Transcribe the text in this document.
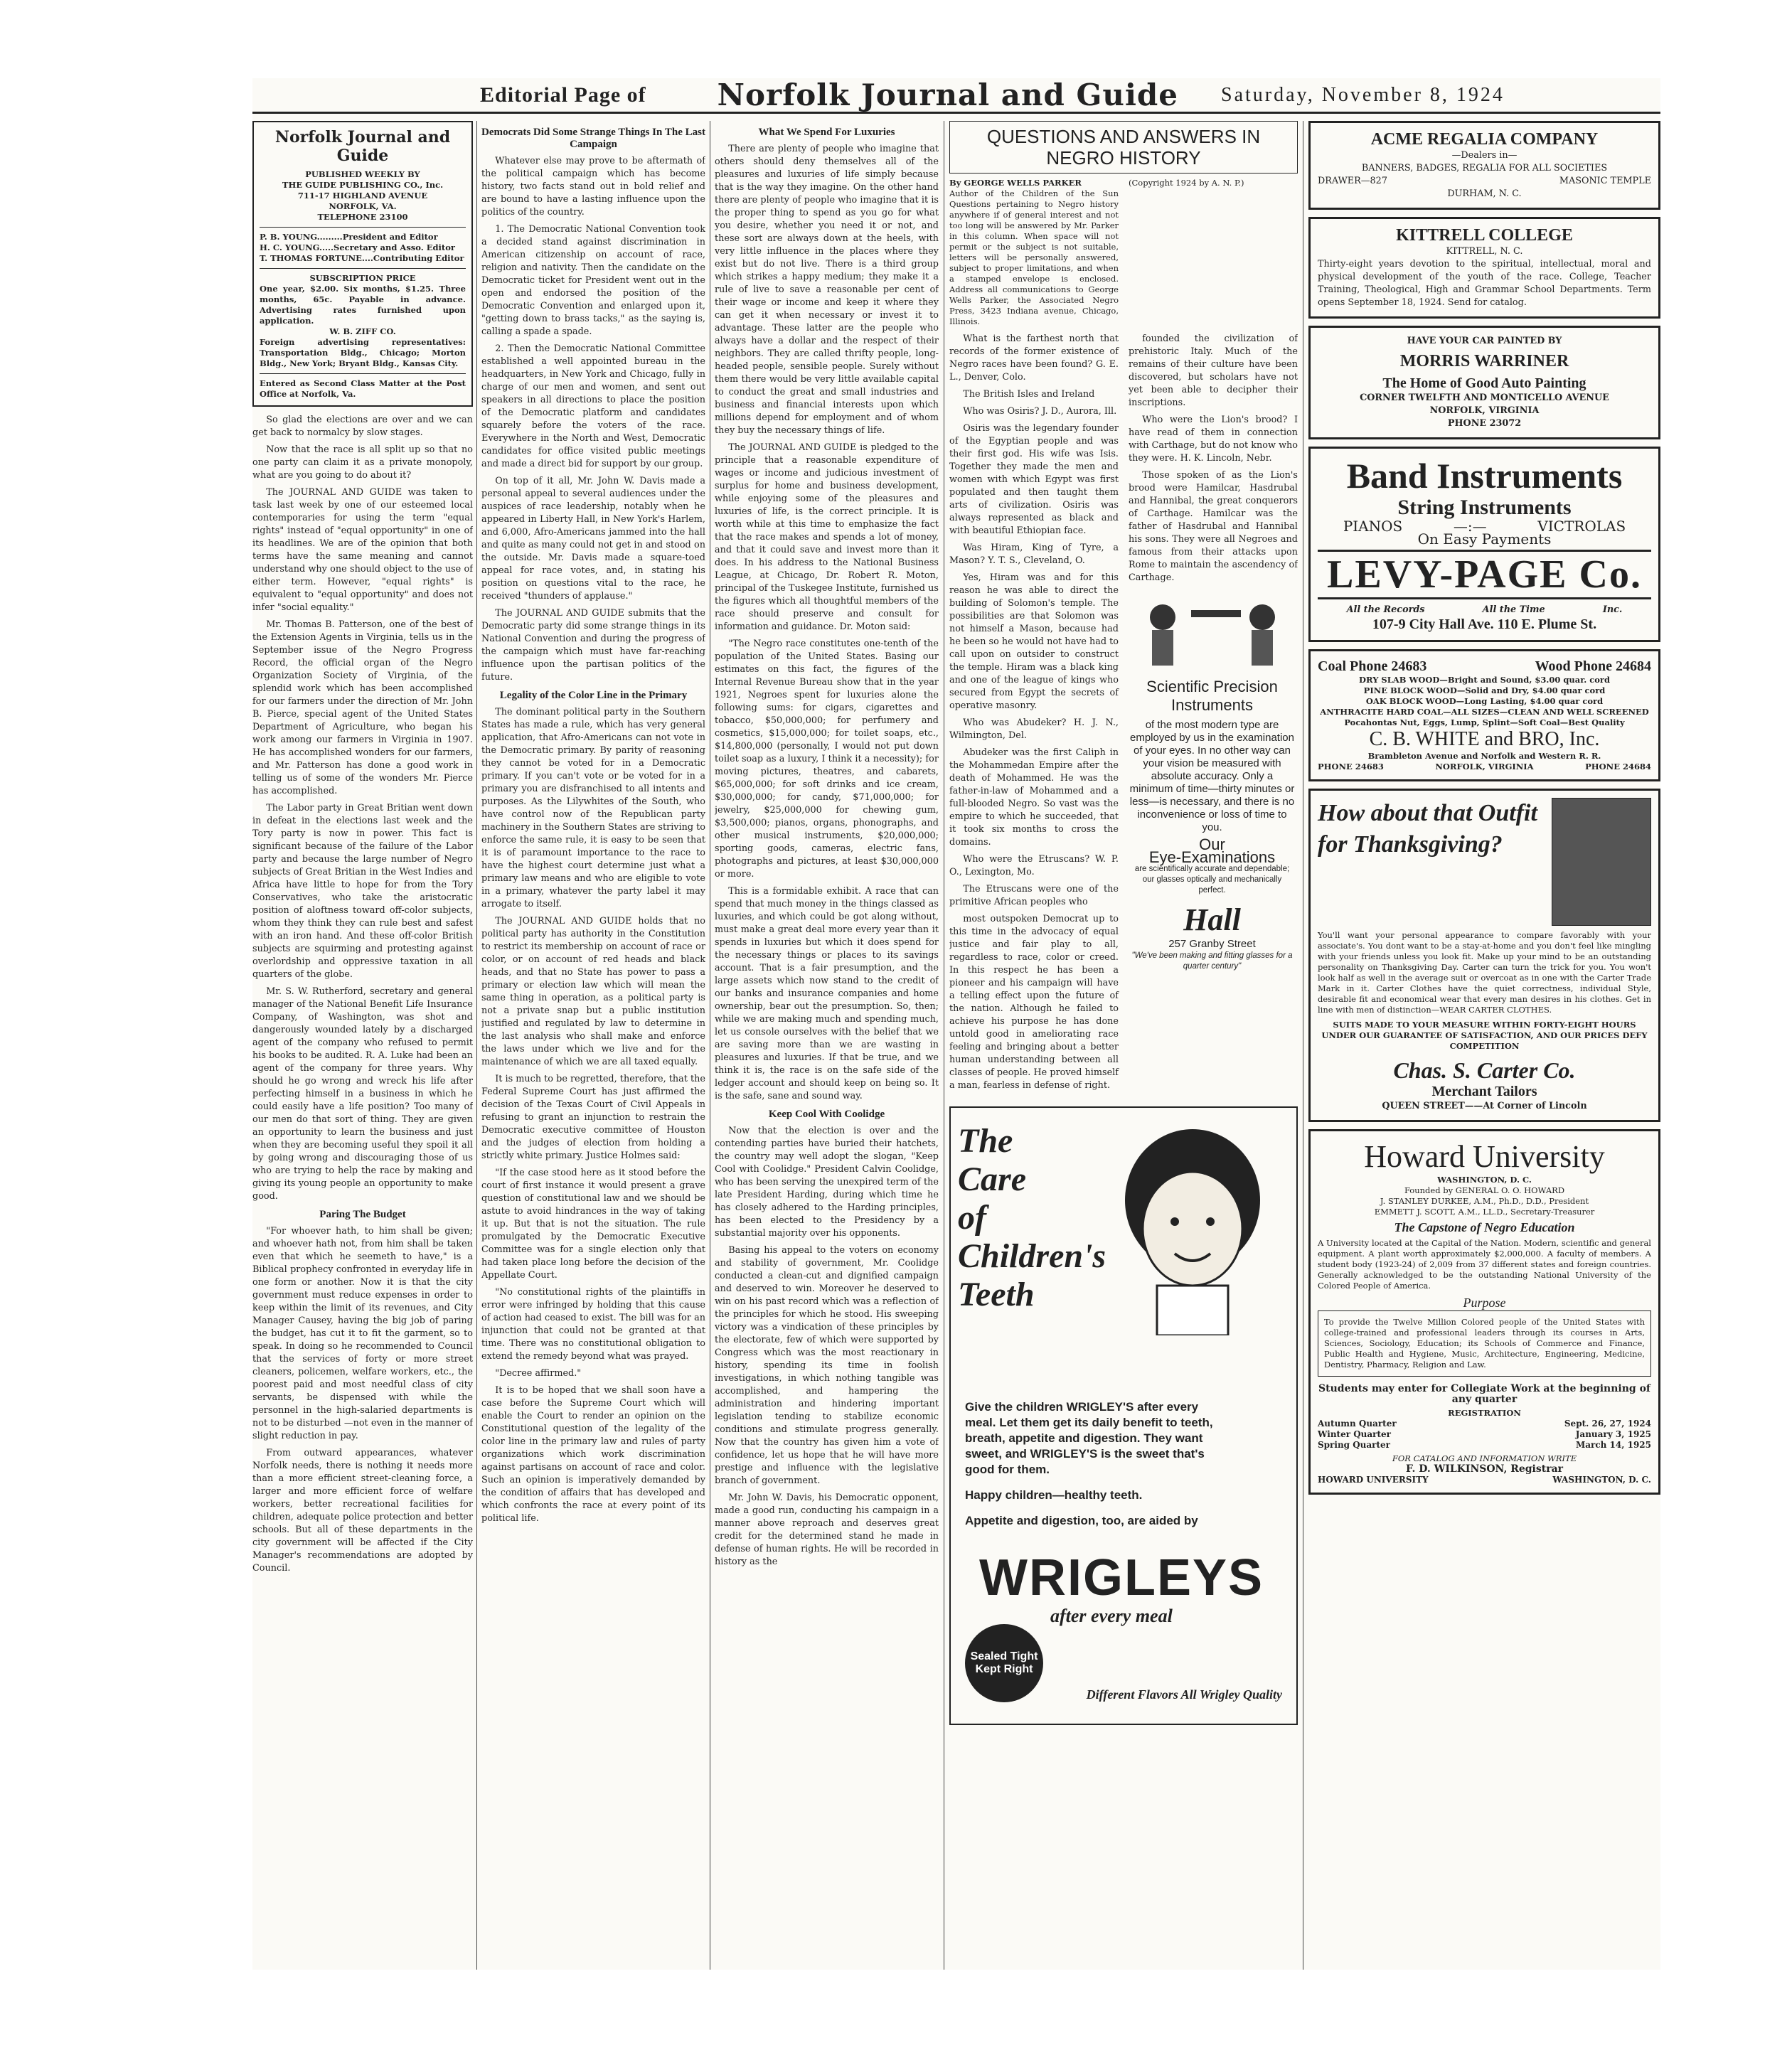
Editorial Page of Norfolk Journal and Guide Saturday, November 8, 1924
Norfolk Journal and Guide
PUBLISHED WEEKLY BY
THE GUIDE PUBLISHING CO., Inc.
711-17 HIGHLAND AVENUE
NORFOLK, VA.
TELEPHONE 23100
P. B. YOUNG.........President and Editor
H. C. YOUNG.....Secretary and Asso. Editor
T. THOMAS FORTUNE....Contributing Editor
SUBSCRIPTION PRICE
One year, $2.00. Six months, $1.25. Three months, 65c. Payable in advance. Advertising rates furnished upon application.
W. B. ZIFF CO.
Foreign advertising representatives: Transportation Bldg., Chicago; Morton Bldg., New York; Bryant Bldg., Kansas City.
Entered as Second Class Matter at the Post Office at Norfolk, Va.

So glad the elections are over and we can get back to normalcy by slow stages.

Now that the race is all split up so that no one party can claim it as a private monopoly, what are you going to do about it?

The JOURNAL AND GUIDE was taken to task last week by one of our esteemed local contemporaries for using the term "equal rights" instead of "equal opportunity" in one of its headlines. We are of the opinion that both terms have the same meaning and cannot understand why one should object to the use of either term. However, "equal rights" is equivalent to "equal opportunity" and does not infer "social equality."

Mr. Thomas B. Patterson, one of the best of the Extension Agents in Virginia, tells us in the September issue of the Negro Progress Record, the official organ of the Negro Organization Society of Virginia, of the splendid work which has been accomplished for our farmers under the direction of Mr. John B. Pierce, special agent of the United States Department of Agriculture, who began his work among our farmers in Virginia in 1907. He has accomplished wonders for our farmers, and Mr. Patterson has done a good work in telling us of some of the wonders Mr. Pierce has accomplished.

The Labor party in Great Britian went down in defeat in the elections last week and the Tory party is now in power. This fact is significant because of the failure of the Labor party and because the large number of Negro subjects of Great Britian in the West Indies and Africa have little to hope for from the Tory Conservatives, who take the aristocratic position of aloftness toward off-color subjects, whom they think they can rule best and safest with an iron hand. And these off-color British subjects are squirming and protesting against overlordship and oppressive taxation in all quarters of the globe.

Mr. S. W. Rutherford, secretary and general manager of the National Benefit Life Insurance Company, of Washington, was shot and dangerously wounded lately by a discharged agent of the company who refused to permit his books to be audited. R. A. Luke had been an agent of the company for three years. Why should he go wrong and wreck his life after perfecting himself in a business in which he could easily have a life position? Too many of our men do that sort of thing. They are given an opportunity to learn the business and just when they are becoming useful they spoil it all by going wrong and discouraging those of us who are trying to help the race by making and giving its young people an opportunity to make good.

Paring The Budget

"For whoever hath, to him shall be given; and whoever hath not, from him shall be taken even that which he seemeth to have," is a Biblical prophecy confronted in everyday life in one form or another. Now it is that the city government must reduce expenses in order to keep within the limit of its revenues, and City Manager Causey, having the big job of paring the budget, has cut it to fit the garment, so to speak. In doing so he recommended to Council that the services of forty or more street cleaners, policemen, welfare workers, etc., the poorest paid and most needful class of city servants, be dispensed with while the personnel in the high-salaried departments is not to be disturbed —not even in the manner of slight reduction in pay.

From outward appearances, whatever Norfolk needs, there is nothing it needs more than a more efficient street-cleaning force, a larger and more efficient force of welfare workers, better recreational facilities for children, adequate police protection and better schools. But all of these departments in the city government will be affected if the City Manager's recommendations are adopted by Council.

Democrats Did Some Strange Things In The Last Campaign

Whatever else may prove to be aftermath of the political campaign which has become history, two facts stand out in bold relief and are bound to have a lasting influence upon the politics of the country.

1. The Democratic National Convention took a decided stand against discrimination in American citizenship on account of race, religion and nativity. Then the candidate on the Democratic ticket for President went out in the open and endorsed the position of the Democratic Convention and enlarged upon it, "getting down to brass tacks," as the saying is, calling a spade a spade.

2. Then the Democratic National Committee established a well appointed bureau in the headquarters, in New York and Chicago, fully in charge of our men and women, and sent out speakers in all directions to place the position of the Democratic platform and candidates squarely before the voters of the race. Everywhere in the North and West, Democratic candidates for office visited public meetings and made a direct bid for support by our group.

On top of it all, Mr. John W. Davis made a personal appeal to several audiences under the auspices of race leadership, notably when he appeared in Liberty Hall, in New York's Harlem, and 6,000, Afro-Americans jammed into the hall and quite as many could not get in and stood on the outside. Mr. Davis made a square-toed appeal for race votes, and, in stating his position on questions vital to the race, he received "thunders of applause."

The JOURNAL AND GUIDE submits that the Democratic party did some strange things in its National Convention and during the progress of the campaign which must have far-reaching influence upon the partisan politics of the future.

Legality of the Color Line in the Primary

The dominant political party in the Southern States has made a rule, which has very general application, that Afro-Americans can not vote in the Democratic primary. By parity of reasoning they cannot be voted for in a Democratic primary. If you can't vote or be voted for in a primary you are disfranchised to all intents and purposes. As the Lilywhites of the South, who have control now of the Republican party machinery in the Southern States are striving to enforce the same rule, it is easy to be seen that it is of paramount importance to the race to have the highest court determine just what a primary law means and who are eligible to vote in a primary, whatever the party label it may arrogate to itself.

The JOURNAL AND GUIDE holds that no political party has authority in the Constitution to restrict its membership on account of race or color, or on account of red heads and black heads, and that no State has power to pass a primary or election law which will mean the same thing in operation, as a political party is not a private snap but a public institution justified and regulated by law to determine in the last analysis who shall make and enforce the laws under which we live and for the maintenance of which we are all taxed equally.

It is much to be regretted, therefore, that the Federal Supreme Court has just affirmed the decision of the Texas Court of Civil Appeals in refusing to grant an injunction to restrain the Democratic executive committee of Houston and the judges of election from holding a strictly white primary. Justice Holmes said:

"If the case stood here as it stood before the court of first instance it would present a grave question of constitutional law and we should be astute to avoid hindrances in the way of taking it up. But that is not the situation. The rule promulgated by the Democratic Executive Committee was for a single election only that had taken place long before the decision of the Appellate Court.

"No constitutional rights of the plaintiffs in error were infringed by holding that this cause of action had ceased to exist. The bill was for an injunction that could not be granted at that time. There was no constitutional obligation to extend the remedy beyond what was prayed.

"Decree affirmed."

It is to be hoped that we shall soon have a case before the Supreme Court which will enable the Court to render an opinion on the Constitutional question of the legality of the color line in the primary law and rules of party organizations which work discrimination against partisans on account of race and color. Such an opinion is imperatively demanded by the condition of affairs that has developed and which confronts the race at every point of its political life.

What We Spend For Luxuries

There are plenty of people who imagine that others should deny themselves all of the pleasures and luxuries of life simply because that is the way they imagine. On the other hand there are plenty of people who imagine that it is the proper thing to spend as you go for what you desire, whether you need it or not, and these sort are always down at the heels, with very little influence in the places where they exist but do not live. There is a third group which strikes a happy medium; they make it a rule of live to save a reasonable per cent of their wage or income and keep it where they can get it when necessary or invest it to advantage. These latter are the people who always have a dollar and the respect of their neighbors. They are called thrifty people, long-headed people, sensible people. Surely without them there would be very little available capital to conduct the great and small industries and business and financial interests upon which millions depend for employment and of whom they buy the necessary things of life.

The JOURNAL AND GUIDE is pledged to the principle that a reasonable expenditure of wages or income and judicious investment of surplus for home and business development, while enjoying some of the pleasures and luxuries of life, is the correct principle. It is worth while at this time to emphasize the fact that the race makes and spends a lot of money, and that it could save and invest more than it does. In his address to the National Business League, at Chicago, Dr. Robert R. Moton, principal of the Tuskegee Institute, furnished us the figures which all thoughtful members of the race should preserve and consult for information and guidance. Dr. Moton said:

"The Negro race constitutes one-tenth of the population of the United States. Basing our estimates on this fact, the figures of the Internal Revenue Bureau show that in the year 1921, Negroes spent for luxuries alone the following sums: for cigars, cigarettes and tobacco, $50,000,000; for perfumery and cosmetics, $15,000,000; for toilet soaps, etc., $14,800,000 (personally, I would not put down toilet soap as a luxury, I think it a necessity); for moving pictures, theatres, and cabarets, $65,000,000; for soft drinks and ice cream, $30,000,000; for candy, $71,000,000; for jewelry, $25,000,000 for chewing gum, $3,500,000; pianos, organs, phonographs, and other musical instruments, $20,000,000; sporting goods, cameras, electric fans, photographs and pictures, at least $30,000,000 or more.

This is a formidable exhibit. A race that can spend that much money in the things classed as luxuries, and which could be got along without, must make a great deal more every year than it spends in luxuries but which it does spend for the necessary things or places to its savings account. That is a fair presumption, and the large assets which now stand to the credit of our banks and insurance companies and home ownership, bear out the presumption. So, then; while we are making much and spending much, let us console ourselves with the belief that we are saving more than we are wasting in pleasures and luxuries. If that be true, and we think it is, the race is on the safe side of the ledger account and should keep on being so. It is the safe, sane and sound way.

Keep Cool With Coolidge

Now that the election is over and the contending parties have buried their hatchets, the country may well adopt the slogan, "Keep Cool with Coolidge." President Calvin Coolidge, who has been serving the unexpired term of the late President Harding, during which time he has closely adhered to the Harding principles, has been elected to the Presidency by a substantial majority over his opponents.

Basing his appeal to the voters on economy and stability of government, Mr. Coolidge conducted a clean-cut and dignified campaign and deserved to win. Moreover he deserved to win on his past record which was a reflection of the principles for which he stood. His sweeping victory was a vindication of these principles by the electorate, few of which were supported by Congress which was the most reactionary in history, spending its time in foolish investigations, in which nothing tangible was accomplished, and hampering the administration and hindering important legislation tending to stabilize economic conditions and stimulate progress generally. Now that the country has given him a vote of confidence, let us hope that he will have more prestige and influence with the legislative branch of government.

Mr. John W. Davis, his Democratic opponent, made a good run, conducting his campaign in a manner above reproach and deserves great credit for the determined stand he made in defense of human rights. He will be recorded in history as the

QUESTIONS AND ANSWERS IN NEGRO HISTORY
By GEORGE WELLS PARKER
Author of the Children of the Sun Questions pertaining to Negro history anywhere if of general interest and not too long will be answered by Mr. Parker in this column. When space will not permit or the subject is not suitable, letters will be personally answered, subject to proper limitations, and when a stamped envelope is enclosed. Address all communications to George Wells Parker, the Associated Negro Press, 3423 Indiana avenue, Chicago, Illinois.
(Copyright 1924 by A. N. P.)

What is the farthest north that records of the former existence of Negro races have been found? G. E. L., Denver, Colo.

The British Isles and Ireland

Who was Osiris? J. D., Aurora, Ill.

Osiris was the legendary founder of the Egyptian people and was their first god. His wife was Isis. Together they made the men and women with which Egypt was first populated and then taught them arts of civilization. Osiris was always represented as black and with beautiful Ethiopian face.

Was Hiram, King of Tyre, a Mason? Y. T. S., Cleveland, O.

Yes, Hiram was and for this reason he was able to direct the building of Solomon's temple. The possibilities are that Solomon was not himself a Mason, because had he been so he would not have had to call upon on outsider to construct the temple. Hiram was a black king and one of the league of kings who secured from Egypt the secrets of operative masonry.

Who was Abudeker? H. J. N., Wilmington, Del.

Abudeker was the first Caliph in the Mohammedan Empire after the death of Mohammed. He was the father-in-law of Mohammed and a full-blooded Negro. So vast was the empire to which he succeeded, that it took six months to cross the domains.

Who were the Etruscans? W. P. O., Lexington, Mo.

The Etruscans were one of the primitive African peoples who

most outspoken Democrat up to this time in the advocacy of equal justice and fair play to all, regardless to race, color or creed. In this respect he has been a pioneer and his campaign will have a telling effect upon the future of the nation. Although he failed to achieve his purpose he has done untold good in ameliorating race feeling and bringing about a better human understanding between all classes of people. He proved himself a man, fearless in defense of right.

founded the civilization of prehistoric Italy. Much of the remains of their culture have been discovered, but scholars have not yet been able to decipher their inscriptions.

Who were the Lion's brood? I have read of them in connection with Carthage, but do not know who they were. H. K. Lincoln, Nebr.

Those spoken of as the Lion's brood were Hamilcar, Hasdrubal and Hannibal, the great conquerors of Carthage. Hamilcar was the father of Hasdrubal and Hannibal his sons. They were all Negroes and famous from their attacks upon Rome to maintain the ascendency of Carthage.

Scientific Precision Instruments
of the most modern type are employed by us in the examination of your eyes. In no other way can your vision be measured with absolute accuracy. Only a minimum of time—thirty minutes or less—is necessary, and there is no inconvenience or loss of time to you.
Our
Eye-Examinations
are scientifically accurate and dependable; our glasses optically and mechanically perfect.
Hall
257 Granby Street
"We've been making and fitting glasses for a quarter century"
The
Care
of
Children's
Teeth
Give the children WRIGLEY'S after every meal. Let them get its daily benefit to teeth, breath, appetite and digestion. They want sweet, and WRIGLEY'S is the sweet that's good for them.
Happy children—healthy teeth.
Appetite and digestion, too, are aided by
WRIGLEYS
after every meal
Sealed Tight Kept Right
Different Flavors All Wrigley Quality
ACME REGALIA COMPANY
—Dealers in—
BANNERS, BADGES, REGALIA FOR ALL SOCIETIES
DRAWER—827	MASONIC TEMPLE
DURHAM, N. C.
KITTRELL COLLEGE
KITTRELL, N. C.
Thirty-eight years devotion to the spiritual, intellectual, moral and physical development of the youth of the race. College, Teacher Training, Theological, High and Grammar School Departments. Term opens September 18, 1924. Send for catalog.
HAVE YOUR CAR PAINTED BY
MORRIS WARRINER
The Home of Good Auto Painting
CORNER TWELFTH AND MONTICELLO AVENUE
NORFOLK, VIRGINIA
PHONE 23072
Band Instruments
String Instruments
PIANOS	—:—	VICTROLAS
On Easy Payments
LEVY-PAGE Co.
All the Records	All the Time	Inc.
107-9 City Hall Ave. 110 E. Plume St.
Coal Phone 24683	Wood Phone 24684
DRY SLAB WOOD—Bright and Sound, $3.00 quar. cord
PINE BLOCK WOOD—Solid and Dry, $4.00 quar cord
OAK BLOCK WOOD—Long Lasting, $4.00 quar cord
ANTHRACITE HARD COAL—ALL SIZES—CLEAN AND WELL SCREENED
Pocahontas Nut, Eggs, Lump, Splint—Soft Coal—Best Quality
C. B. WHITE and BRO, Inc.
Brambleton Avenue and Norfolk and Western R. R.
PHONE 24683	NORFOLK, VIRGINIA	PHONE 24684
How about that Outfit for Thanksgiving?
You'll want your personal appearance to compare favorably with your associate's. You dont want to be a stay-at-home and you don't feel like mingling with your friends unless you look fit. Make up your mind to be an outstanding personality on Thanksgiving Day. Carter can turn the trick for you. You won't look half as well in the average suit or overcoat as in one with the Carter Trade Mark in it. Carter Clothes have the quiet correctness, individual Style, desirable fit and economical wear that every man desires in his clothes. Get in line with men of distinction—WEAR CARTER CLOTHES.
SUITS MADE TO YOUR MEASURE WITHIN FORTY-EIGHT HOURS UNDER OUR GUARANTEE OF SATISFACTION, AND OUR PRICES DEFY COMPETITION
Chas. S. Carter Co.
Merchant Tailors
QUEEN STREET——At Corner of Lincoln
Howard University
WASHINGTON, D. C.
Founded by GENERAL O. O. HOWARD
J. STANLEY DURKEE, A.M., Ph.D., D.D., President
EMMETT J. SCOTT, A.M., LL.D., Secretary-Treasurer
The Capstone of Negro Education
A University located at the Capital of the Nation. Modern, scientific and general equipment. A plant worth approximately $2,000,000. A faculty of members. A student body (1923-24) of 2,009 from 37 different states and foreign countries. Generally acknowledged to be the outstanding National University of the Colored People of America.
Purpose
To provide the Twelve Million Colored people of the United States with college-trained and professional leaders through its courses in Arts, Sciences, Sociology, Education; its Schools of Commerce and Finance, Public Health and Hygiene, Music, Architecture, Engineering, Medicine, Dentistry, Pharmacy, Religion and Law.
Students may enter for Collegiate Work at the beginning of any quarter
REGISTRATION
Autumn Quarter	Sept. 26, 27, 1924
Winter Quarter	January 3, 1925
Spring Quarter	March 14, 1925
FOR CATALOG AND INFORMATION WRITE
F. D. WILKINSON, Registrar
HOWARD UNIVERSITY	WASHINGTON, D. C.
